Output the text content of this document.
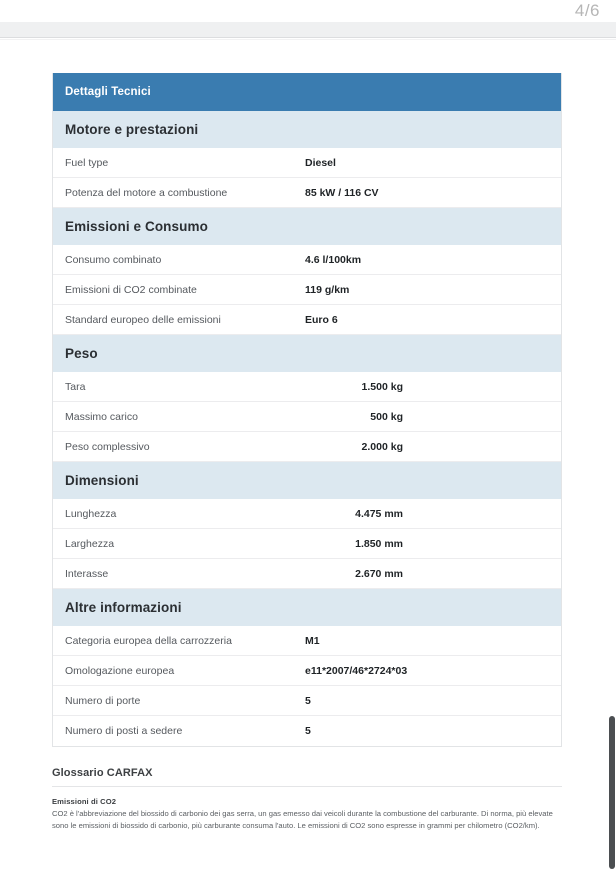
4/6
Dettagli Tecnici
Motore e prestazioni
Fuel type	Diesel
Potenza del motore a combustione	85 kW / 116 CV
Emissioni e Consumo
Consumo combinato	4.6 l/100km
Emissioni di CO2 combinate	119 g/km
Standard europeo delle emissioni	Euro 6
Peso
Tara	1.500 kg
Massimo carico	500 kg
Peso complessivo	2.000 kg
Dimensioni
Lunghezza	4.475 mm
Larghezza	1.850 mm
Interasse	2.670 mm
Altre informazioni
Categoria europea della carrozzeria	M1
Omologazione europea	e11*2007/46*2724*03
Numero di porte	5
Numero di posti a sedere	5
Glossario CARFAX
Emissioni di CO2
CO2 è l'abbreviazione del biossido di carbonio dei gas serra, un gas emesso dai veicoli durante la combustione del carburante. Di norma, più elevate sono le emissioni di biossido di carbonio, più carburante consuma l'auto. Le emissioni di CO2 sono espresse in grammi per chilometro (CO2/km).
